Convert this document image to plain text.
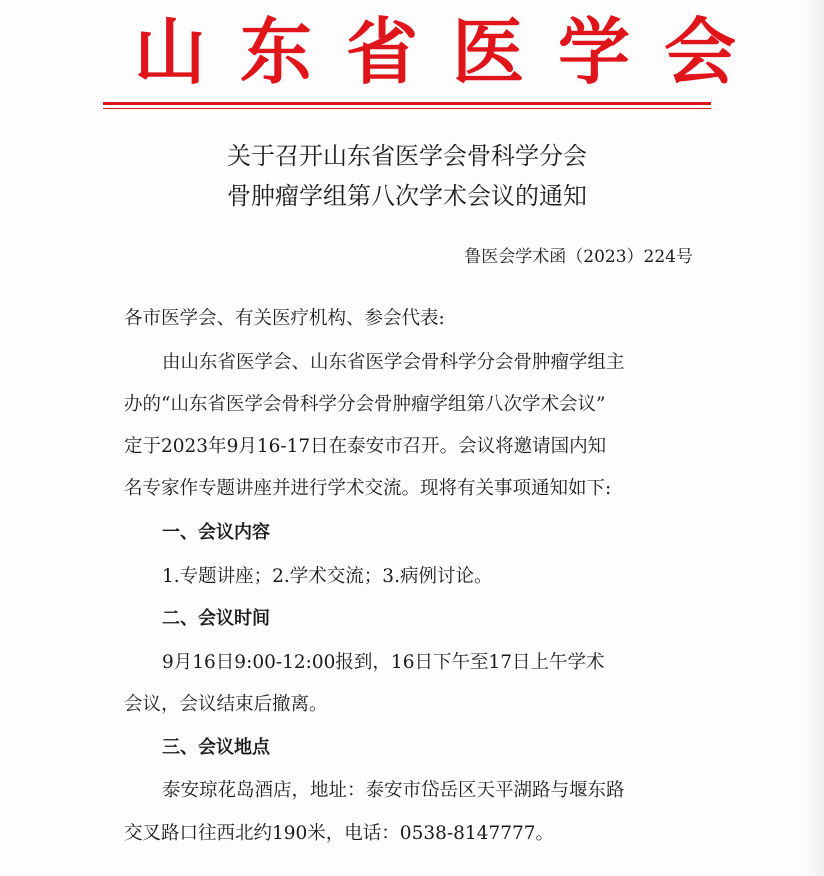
山东省医学会
关于召开山东省医学会骨科学分会
骨肿瘤学组第八次学术会议的通知
鲁医会学术函（2023）224号
各市医学会、有关医疗机构、参会代表:
由山东省医学会、山东省医学会骨科学分会骨肿瘤学组主
办的“山东省医学会骨科学分会骨肿瘤学组第八次学术会议”
定于2023年9月16-17日在泰安市召开。会议将邀请国内知
名专家作专题讲座并进行学术交流。现将有关事项通知如下:
一、会议内容
1.专题讲座；2.学术交流；3.病例讨论。
二、会议时间
9月16日9:00-12:00报到，16日下午至17日上午学术
会议，会议结束后撤离。
三、会议地点
泰安琼花岛酒店，地址：泰安市岱岳区天平湖路与堰东路
交叉路口往西北约190米，电话：0538-8147777。
